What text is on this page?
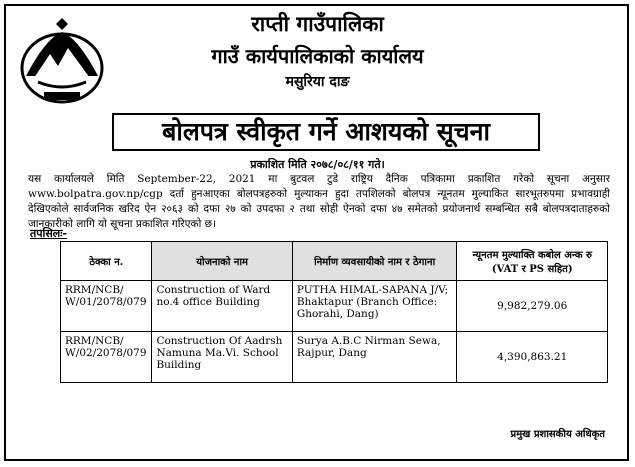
राप्ती गाउँपालिका
गाउँ कार्यपालिकाको कार्यालय
मसुरिया दाङ
बोलपत्र स्वीकृत गर्ने आशयको सूचना
प्रकाशित मिति २०७८/०८/११ गते।

यस कार्यालयले मिति September-22, 2021 मा बुटवल टुडे राष्ट्रिय दैनिक पत्रिकामा प्रकाशित गरेको सूचना अनुसार www.bolpatra.gov.np/cgp दर्ता हुनआएका बोलपत्रहरुको मुल्याकन हुदा तपशिलको बोलपत्र न्यूनतम मुल्याकित सारभूतरुपमा प्रभावग्राही देखिएकोले सार्वजनिक खरिद ऐन २०६३ को दफा २७ को उपदफा २ तथा सोही ऐनको दफा ४७ समेतको प्रयोजनार्थ सम्बन्धित सबै बोलपत्रदाताहरुको जानकारीको लागि यो सूचना प्रकाशित गरिएको छ।

तपसिलः-
ठेक्का न.	योजनाको नाम	निर्माण व्यवसायीको नाम र ठेगाना	न्यूनतम मुल्याक्ति कबोल अन्क रु (VAT र PS सहित)
RRM/NCB/ W/01/2078/079	Construction of Ward no.4 office Building	PUTHA HIMAL-SAPANA J/V; Bhaktapur (Branch Office: Ghorahi, Dang)	9,982,279.06
RRM/NCB/ W/02/2078/079	Construction Of Aadrsh Namuna Ma.Vi. School Building	Surya A.B.C Nirman Sewa, Rajpur, Dang	4,390,863.21
प्रमुख प्रशासकीय अधिकृत
